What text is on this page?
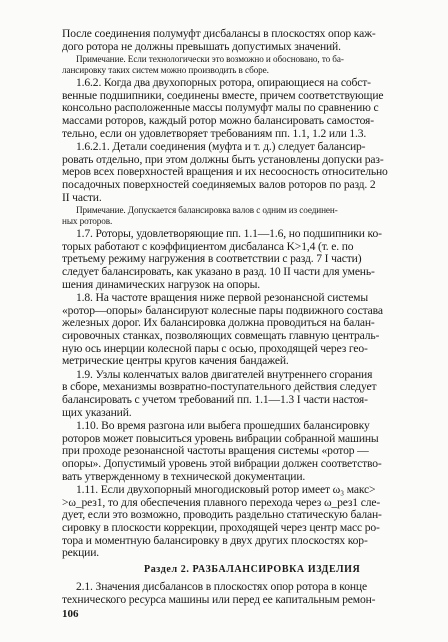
После соединения полумуфт дисбалансы в плоскостях опор каж-
дого ротора не должны превышать допустимых значений.
Примечание. Если технологически это возможно и обосновано, то ба-
лансировку таких систем можно производить в сборе.
1.6.2. Когда два двухопорных ротора, опирающиеся на собст-
венные подшипники, соединены вместе, причем соответствующие
консольно расположенные массы полумуфт малы по сравнению с
массами роторов, каждый ротор можно балансировать самостоя-
тельно, если он удовлетворяет требованиям пп. 1.1, 1.2 или 1.3.
1.6.2.1. Детали соединения (муфта и т. д.) следует балансир-
ровать отдельно, при этом должны быть установлены допуски раз-
меров всех поверхностей вращения и их несоосность относительно
посадочных поверхностей соединяемых валов роторов по разд. 2
II части.
Примечание. Допускается балансировка валов с одним из соединен-
ных роторов.
1.7. Роторы, удовлетворяющие пп. 1.1—1.6, но подшипники ко-
торых работают с коэффициентом дисбаланса K>1,4 (т. е. по
третьему режиму нагружения в соответствии с разд. 7 I части)
следует балансировать, как указано в разд. 10 II части для умень-
шения динамических нагрузок на опоры.
1.8. На частоте вращения ниже первой резонансной системы
«ротор—опоры» балансируют колесные пары подвижного состава
железных дорог. Их балансировка должна проводиться на балан-
сировочных станках, позволяющих совмещать главную централь-
ную ось инерции колесной пары с осью, проходящей через гео-
метрические центры кругов качения бандажей.
1.9. Узлы коленчатых валов двигателей внутреннего сгорания
в сборе, механизмы возвратно-поступательного действия следует
балансировать с учетом требований пп. 1.1—1.3 I части настоя-
щих указаний.
1.10. Во время разгона или выбега прошедших балансировку
роторов может повыситься уровень вибрации собранной машины
при проходе резонансной частоты вращения системы «ротор —
опоры». Допустимый уровень этой вибрации должен соответство-
вать утвержденному в технической документации.
1.11. Если двухопорный многодисковый ротор имеет ω₃ макс>
>ω_рез1, то для обеспечения плавного перехода через ω_рез1 сле-
дует, если это возможно, проводить раздельно статическую балан-
сировку в плоскости коррекции, проходящей через центр масс ро-
тора и моментную балансировку в двух других плоскостях кор-
рекции.
Раздел 2. РАЗБАЛАНСИРОВКА ИЗДЕЛИЯ
2.1. Значения дисбалансов в плоскостях опор ротора в конце
технического ресурса машины или перед ее капитальным ремон-
106
